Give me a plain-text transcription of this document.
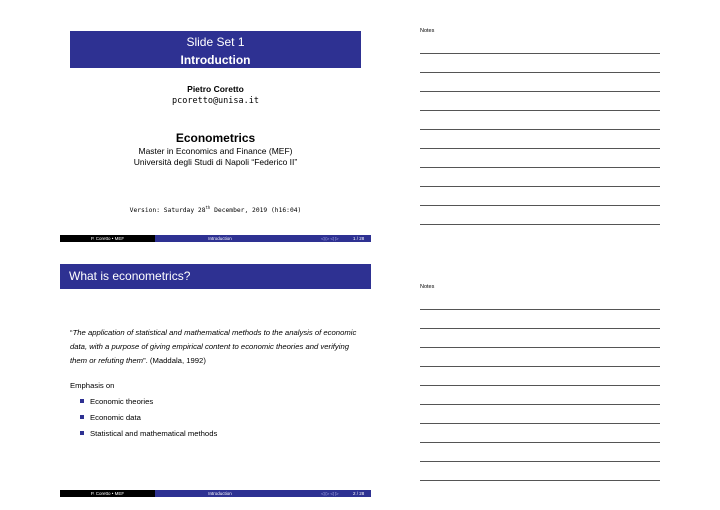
Slide Set 1
Introduction
Pietro Coretto
pcoretto@unisa.it
Econometrics
Master in Economics and Finance (MEF)
Università degli Studi di Napoli “Federico II”
Version: Saturday 28th December, 2019 (h16:04)
P. Coretto • MEF	Introduction	◁ ▷ ◁ ▷	1 / 28
Notes
What is econometrics?
“The application of statistical and mathematical methods to the analysis of economic data, with a purpose of giving empirical content to economic theories and verifying them or refuting them”. (Maddala, 1992)
Emphasis on
Economic theories
Economic data
Statistical and mathematical methods
P. Coretto • MEF	Introduction	◁ ▷ ◁ ▷	2 / 28
Notes
